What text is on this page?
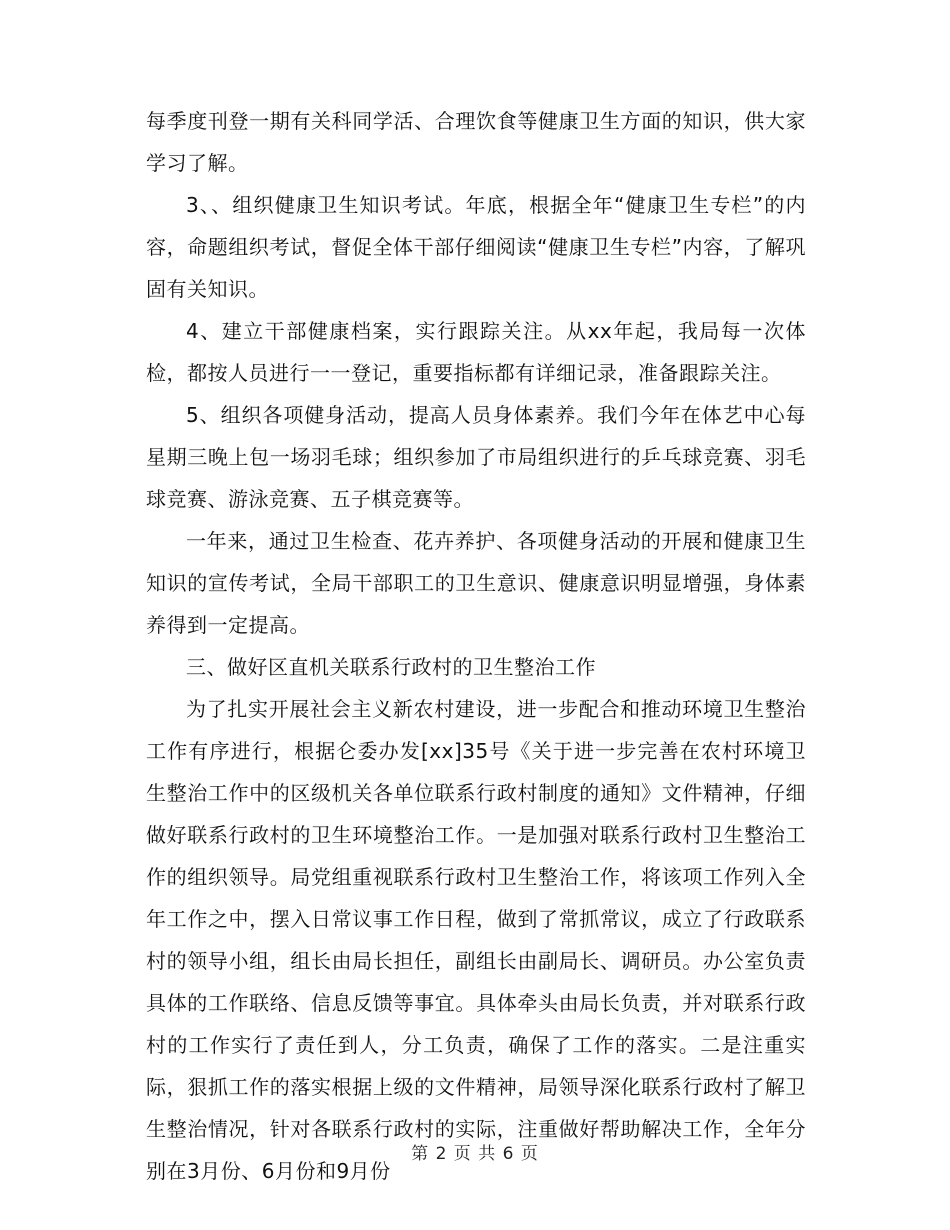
每季度刊登一期有关科同学活、合理饮食等健康卫生方面的知识，供大家学习了解。

3、、组织健康卫生知识考试。年底，根据全年“健康卫生专栏”的内容，命题组织考试，督促全体干部仔细阅读“健康卫生专栏”内容，了解巩固有关知识。

4、建立干部健康档案，实行跟踪关注。从xx年起，我局每一次体检，都按人员进行一一登记，重要指标都有详细记录，准备跟踪关注。

5、组织各项健身活动，提高人员身体素养。我们今年在体艺中心每星期三晚上包一场羽毛球；组织参加了市局组织进行的乒乓球竞赛、羽毛球竞赛、游泳竞赛、五子棋竞赛等。

一年来，通过卫生检查、花卉养护、各项健身活动的开展和健康卫生知识的宣传考试，全局干部职工的卫生意识、健康意识明显增强，身体素养得到一定提高。

三、做好区直机关联系行政村的卫生整治工作

为了扎实开展社会主义新农村建设，进一步配合和推动环境卫生整治工作有序进行，根据仑委办发[xx]35号《关于进一步完善在农村环境卫生整治工作中的区级机关各单位联系行政村制度的通知》文件精神，仔细做好联系行政村的卫生环境整治工作。一是加强对联系行政村卫生整治工作的组织领导。局党组重视联系行政村卫生整治工作，将该项工作列入全年工作之中，摆入日常议事工作日程，做到了常抓常议，成立了行政联系村的领导小组，组长由局长担任，副组长由副局长、调研员。办公室负责具体的工作联络、信息反馈等事宜。具体牵头由局长负责，并对联系行政村的工作实行了责任到人，分工负责，确保了工作的落实。二是注重实际，狠抓工作的落实根据上级的文件精神，局领导深化联系行政村了解卫生整治情况，针对各联系行政村的实际，注重做好帮助解决工作，全年分别在3月份、6月份和9月份

第 2 页 共 6 页
